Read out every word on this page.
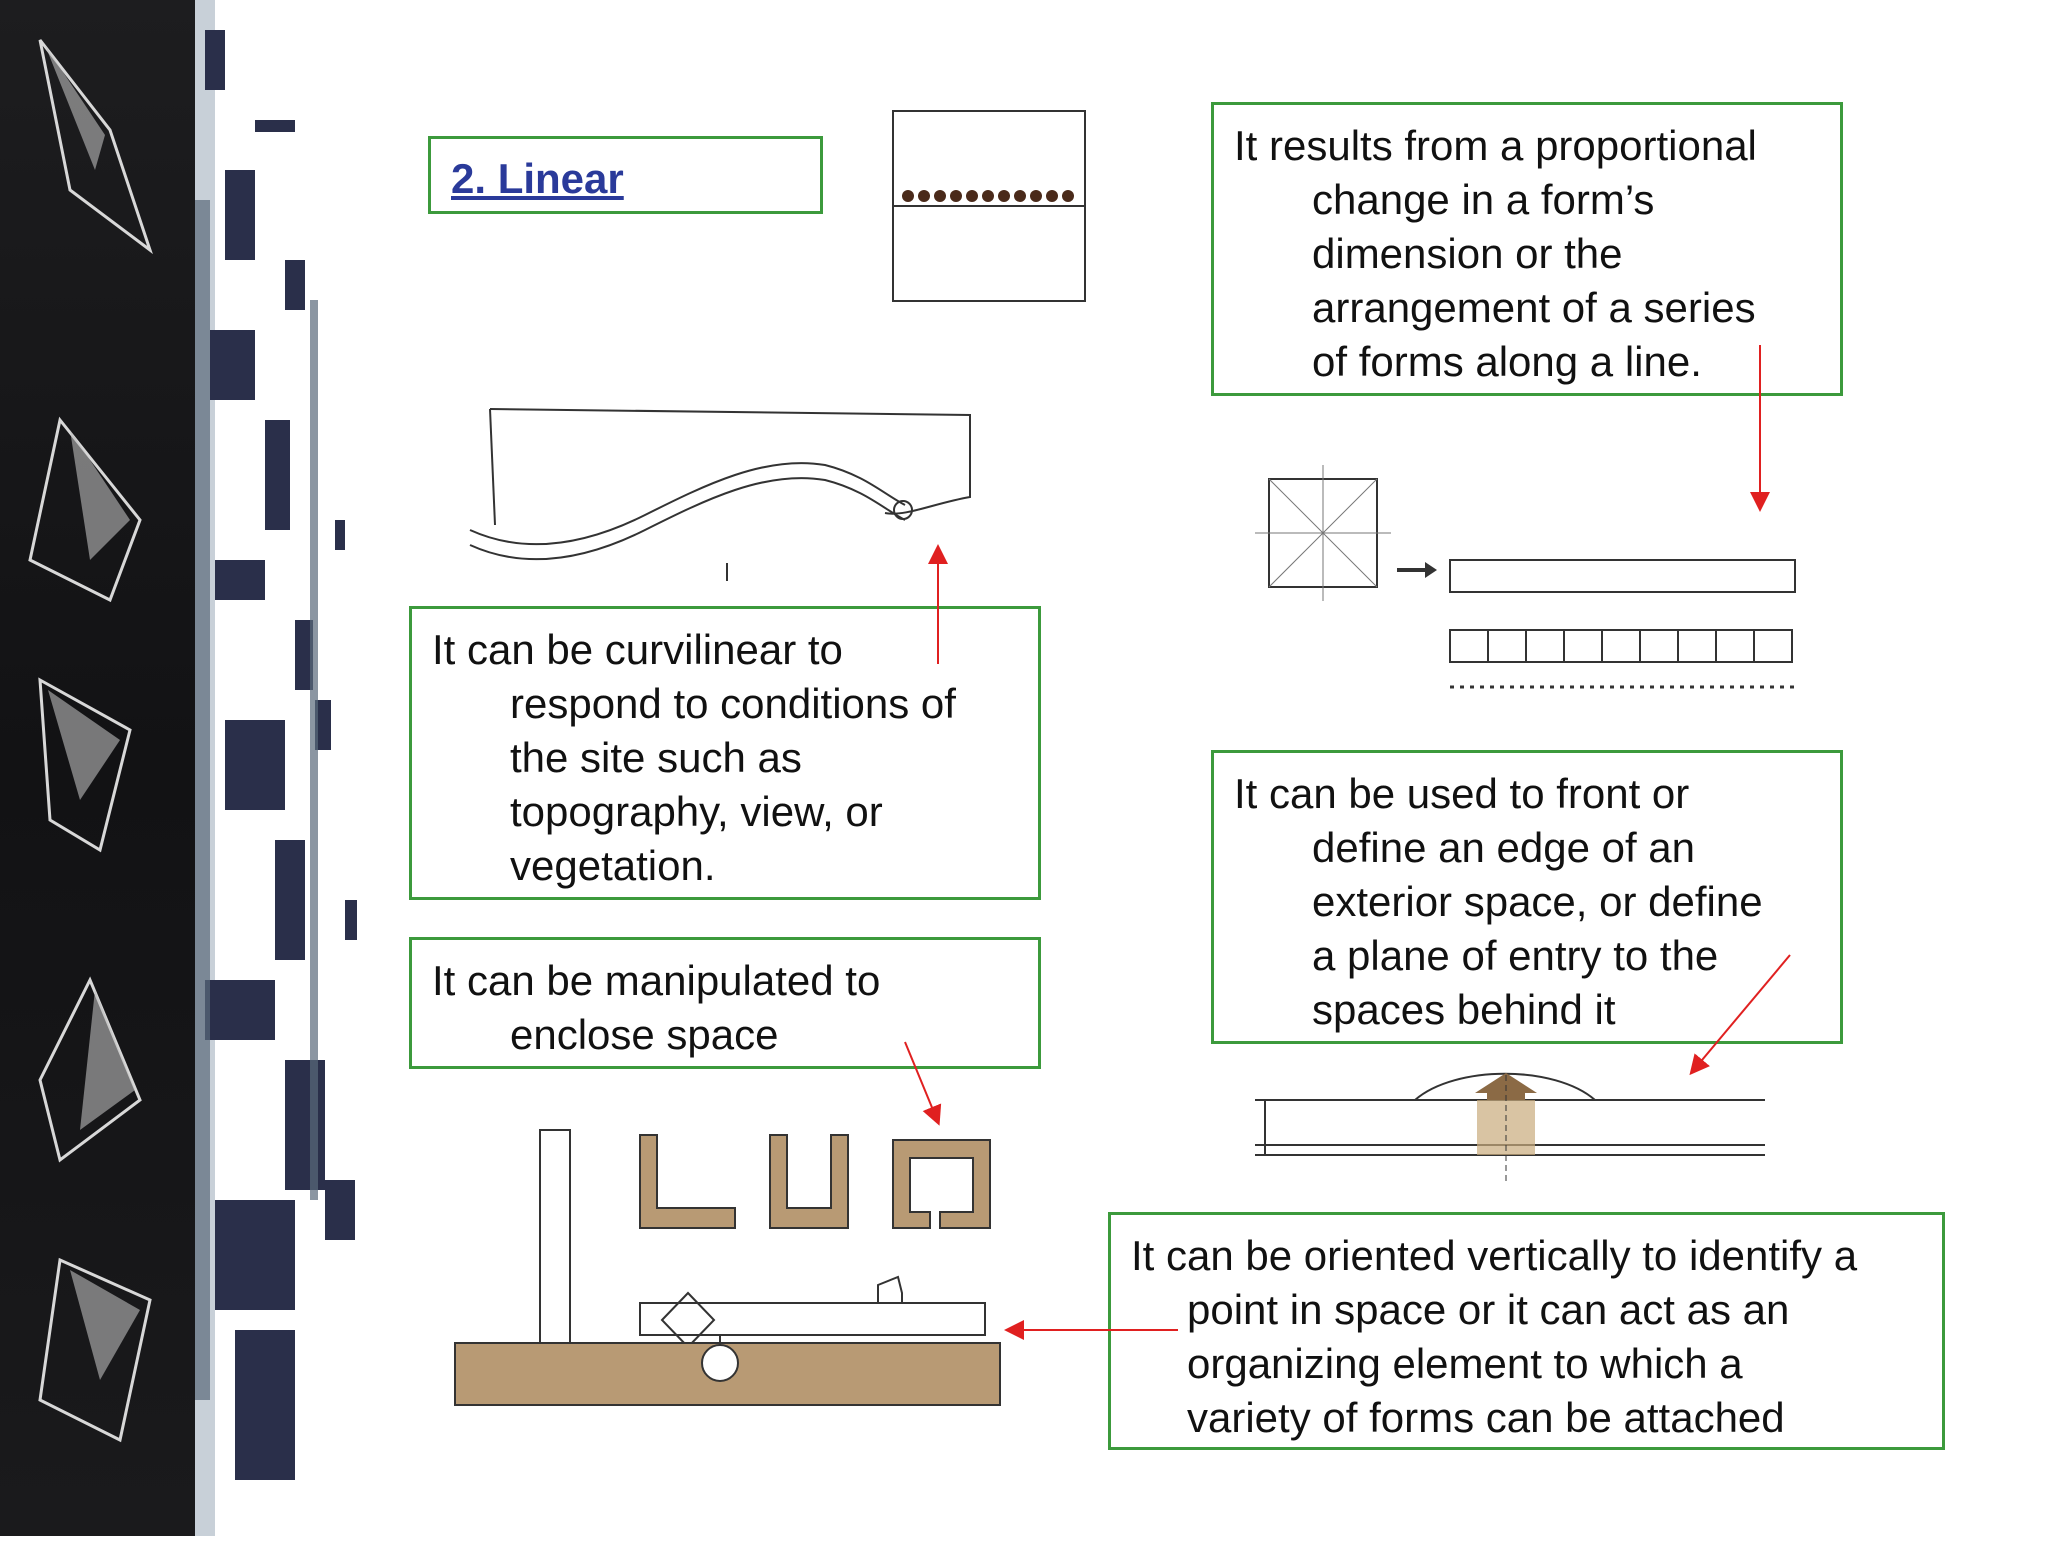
2. Linear
It results from a proportional
change in a form’s
dimension or the
arrangement of a series
of forms along a line.
It can be curvilinear to
respond to conditions of
the site such as
topography, view, or
vegetation.
It can be manipulated to
enclose space
It can be used to front or
define an edge of an
exterior space, or define
a plane of entry to the
spaces behind it
It can be oriented vertically to identify a
point in space or it can act as an
organizing element to which a
variety of forms can be attached
